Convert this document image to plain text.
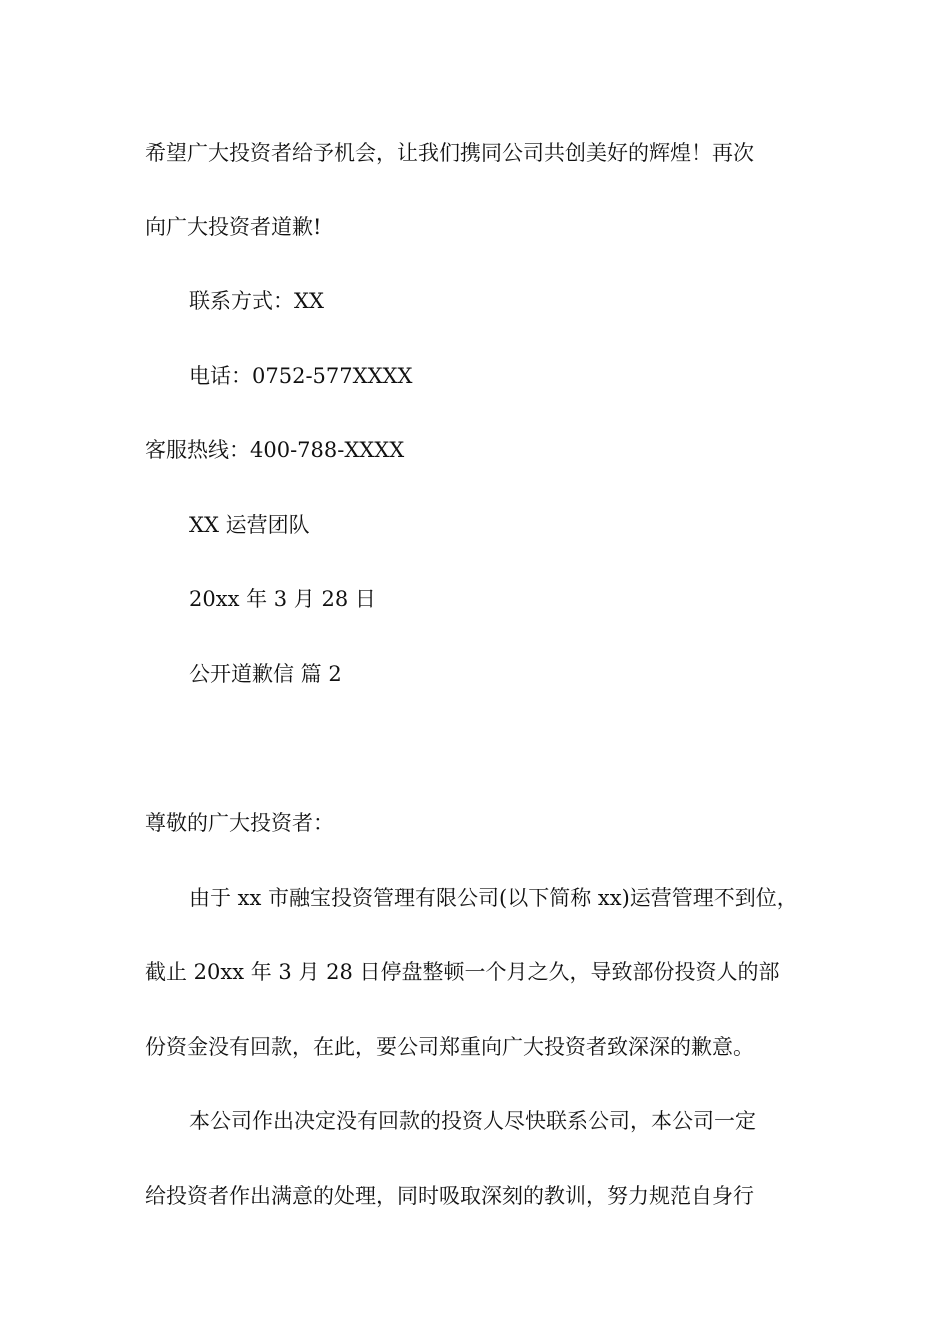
希望广大投资者给予机会，让我们携同公司共创美好的辉煌！再次
向广大投资者道歉!
联系方式：XX
电话：0752-577XXXX
客服热线：400-788-XXXX
XX 运营团队
20xx 年 3 月 28 日
公开道歉信 篇 2
尊敬的广大投资者：
由于 xx 市融宝投资管理有限公司(以下简称 xx)运营管理不到位，
截止 20xx 年 3 月 28 日停盘整顿一个月之久，导致部份投资人的部
份资金没有回款，在此，要公司郑重向广大投资者致深深的歉意。
本公司作出决定没有回款的投资人尽快联系公司，本公司一定
给投资者作出满意的处理，同时吸取深刻的教训，努力规范自身行
